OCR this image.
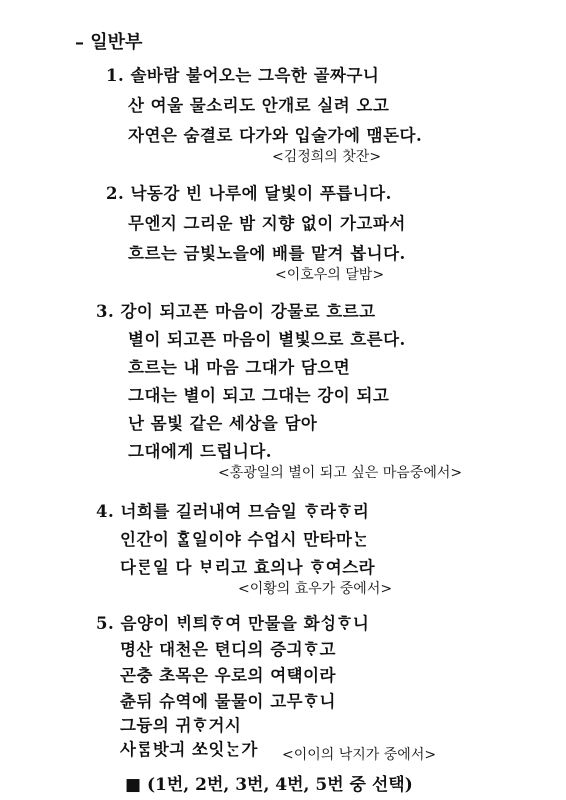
– 일반부
1. 솔바람 불어오는 그윽한 골짜구니
산 여울 물소리도 안개로 실려 오고
자연은 숨결로 다가와 입술가에 맴돈다.
<김정희의 찻잔>
2. 낙동강 빈 나루에 달빛이 푸릅니다.
무엔지 그리운 밤 지향 없이 가고파서
흐르는 금빛노을에 배를 맡겨 봅니다.
<이호우의 달밤>
3. 강이 되고픈 마음이 강물로 흐르고
별이 되고픈 마음이 별빛으로 흐른다.
흐르는 내 마음 그대가 담으면
그대는 별이 되고 그대는 강이 되고
난 몸빛 같은 세상을 담아
그대에게 드립니다.
<홍광일의 별이 되고 싶은 마음중에서>
4. 너희를 길러내여 므슴일 ᄒᆞ라ᄒᆞ리
인간이 ᄒᆞᆯ일이야 수업시 만타마ᄂᆞᆫ
다ᄅᆞᆫ일 다 ᄇᆞ리고 효의나 ᄒᆞ여스라
<이황의 효우가 중에서>
5. 음양이 ᄇᆡ틔ᄒᆞ여 만물을 화ᄉᆡᆼᄒᆞ니
명산 대천은 텬디의 증긔ᄒᆞ고
곤충 초목은 우로의 여턕이라
츈뒤 슈역에 물물이 고무ᄒᆞ니
그듕의 귀ᄒᆞ거시
사ᄅᆞᆷ밧긔 쏘잇ᄂᆞᆫ가 <이이의 낙지가 중에서>
■ (1번, 2번, 3번, 4번, 5번 중 선택)
